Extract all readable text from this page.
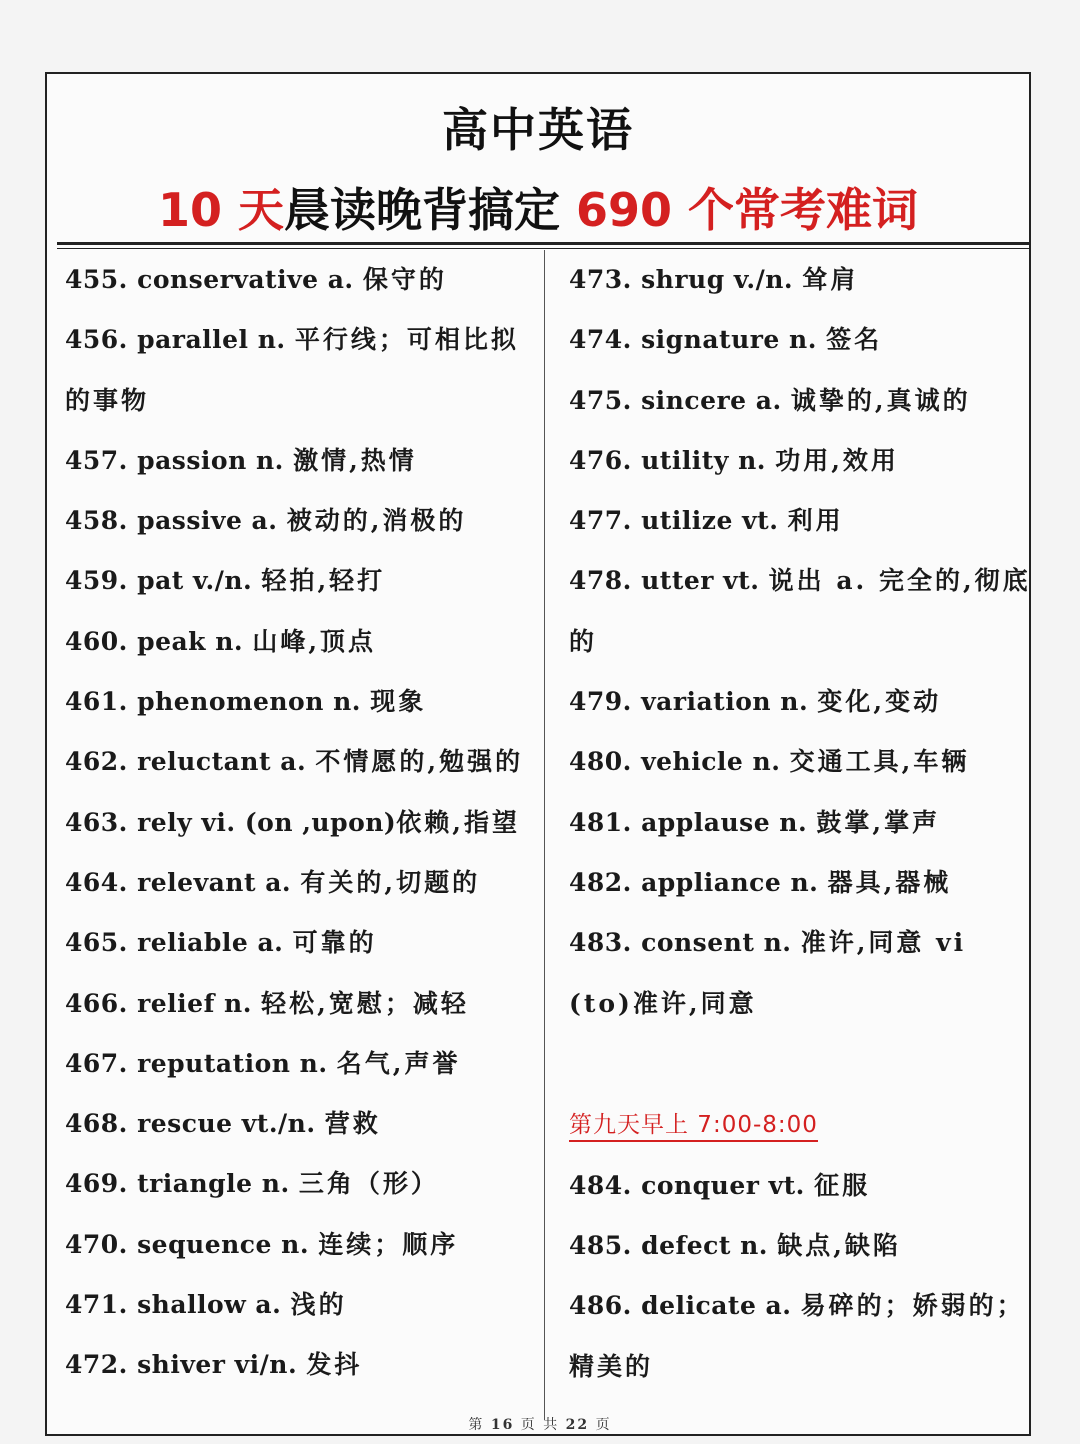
高中英语
10 天晨读晚背搞定 690 个常考难词
455. conservative a. 保守的
456. parallel n. 平行线；可相比拟的事物
457. passion n. 激情,热情
458. passive a. 被动的,消极的
459. pat v./n. 轻拍,轻打
460. peak n. 山峰,顶点
461. phenomenon n. 现象
462. reluctant a. 不情愿的,勉强的
463. rely vi. (on ,upon)依赖,指望
464. relevant a. 有关的,切题的
465. reliable a. 可靠的
466. relief n. 轻松,宽慰；减轻
467. reputation n. 名气,声誉
468. rescue vt./n. 营救
469. triangle n. 三角（形）
470. sequence n. 连续；顺序
471. shallow a. 浅的
472. shiver vi/n. 发抖
473. shrug v./n. 耸肩
474. signature n. 签名
475. sincere a. 诚挚的,真诚的
476. utility n. 功用,效用
477. utilize vt. 利用
478. utter vt. 说出 a. 完全的,彻底的
479. variation n. 变化,变动
480. vehicle n. 交通工具,车辆
481. applause n. 鼓掌,掌声
482. appliance n. 器具,器械
483. consent n. 准许,同意 vi (to)准许,同意
第九天早上 7:00-8:00
484. conquer vt. 征服
485. defect n. 缺点,缺陷
486. delicate a. 易碎的；娇弱的；精美的
第 16 页 共 22 页
